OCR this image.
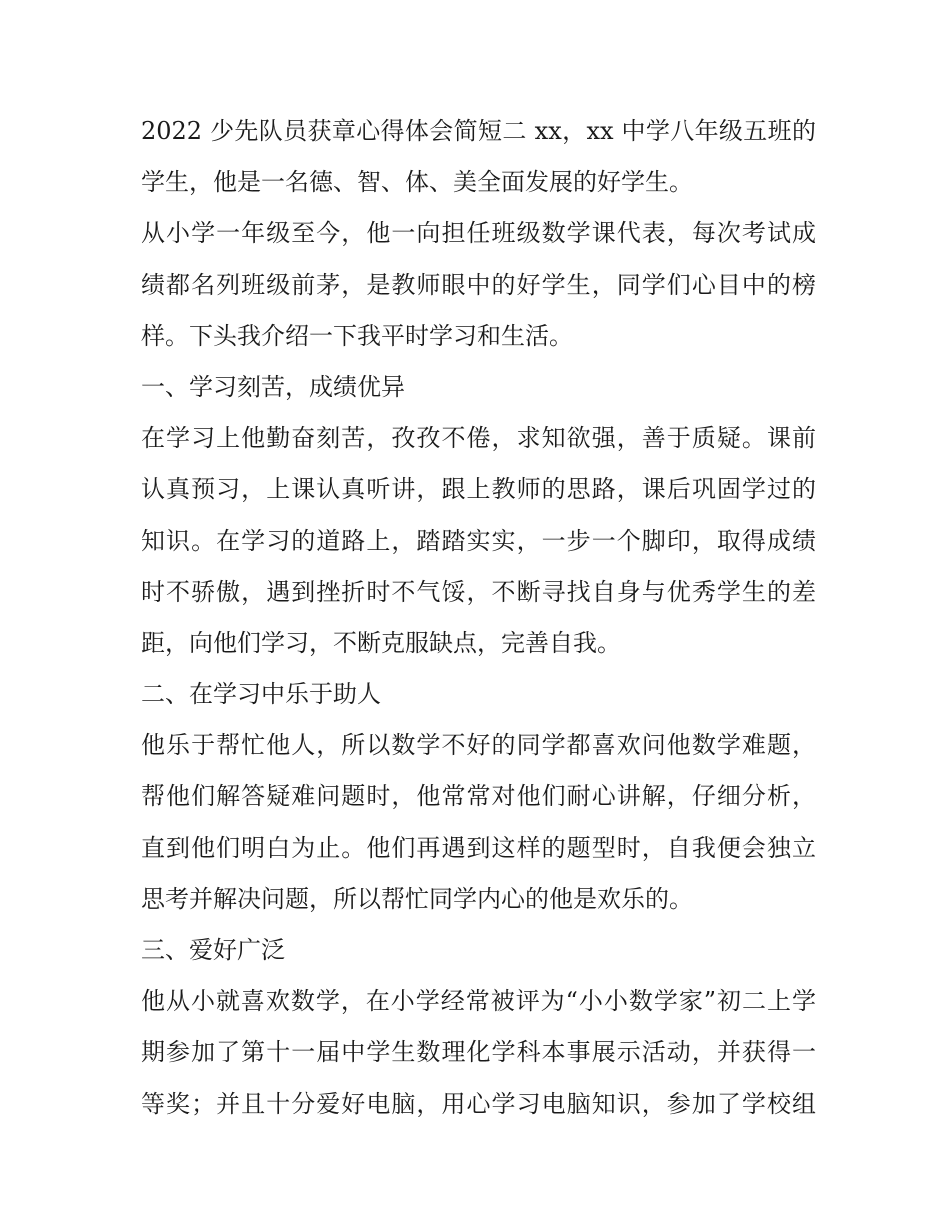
2022 少先队员获章心得体会简短二 xx，xx 中学八年级五班的
学生，他是一名德、智、体、美全面发展的好学生。
从小学一年级至今，他一向担任班级数学课代表，每次考试成
绩都名列班级前茅，是教师眼中的好学生，同学们心目中的榜
样。下头我介绍一下我平时学习和生活。
一、学习刻苦，成绩优异
在学习上他勤奋刻苦，孜孜不倦，求知欲强，善于质疑。课前
认真预习，上课认真听讲，跟上教师的思路，课后巩固学过的
知识。在学习的道路上，踏踏实实，一步一个脚印，取得成绩
时不骄傲，遇到挫折时不气馁，不断寻找自身与优秀学生的差
距，向他们学习，不断克服缺点，完善自我。
二、在学习中乐于助人
他乐于帮忙他人，所以数学不好的同学都喜欢问他数学难题，
帮他们解答疑难问题时，他常常对他们耐心讲解，仔细分析，
直到他们明白为止。他们再遇到这样的题型时，自我便会独立
思考并解决问题，所以帮忙同学内心的他是欢乐的。
三、爱好广泛
他从小就喜欢数学，在小学经常被评为“小小数学家”初二上学
期参加了第十一届中学生数理化学科本事展示活动，并获得一
等奖；并且十分爱好电脑，用心学习电脑知识，参加了学校组
